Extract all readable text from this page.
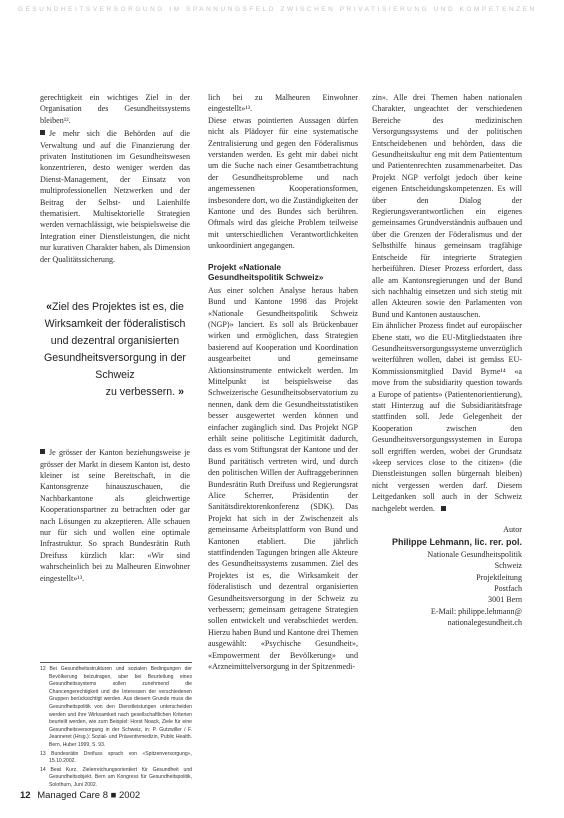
GESUNDHEITSVERSORGUNG IM SPANNUNGSFELD ZWISCHEN PRIVATISIERUNG UND KOMPETENZEN

gerechtigkeit ein wichtiges Ziel in der Organisation des Gesundheitssystems bleiben¹².

Je mehr sich die Behörden auf die Verwaltung und auf die Finanzierung der privaten Institutionen im Gesundheitswesen konzentrieren, desto weniger werden das Dienst-Management, der Einsatz von multiprofessionellen Netzwerken und der Beitrag der Selbst- und Laienhilfe thematisiert. Multisektorielle Strategien werden vernachlässigt, wie beispielsweise die Integration einer Dienstleistungen, die nicht nur kurativen Charakter haben, als Dimension der Qualitätssicherung.

«Ziel des Projektes ist es, die Wirksamkeit der föderalistisch und dezentral organisierten Gesundheitsversorgung in der Schweiz
zu verbessern. »

Je grösser der Kanton beziehungsweise je grösser der Markt in diesem Kanton ist, desto kleiner ist seine Bereitschaft, in die Kantonsgrenze hinauszuschauen, die Nachbarkantone als gleichwertige Kooperationspartner zu betrachten oder gar nach Lösungen zu akzeptieren. Alle schauen nur für sich und wollen eine optimale Infrastruktur. So sprach Bundesrätin Ruth Dreifuss kürzlich klar: «Wir sind wahrscheinlich bei zu Malheuren Einwohner eingestellt»¹³.

12 Bei Gesundheitsstrukturen und sozialen Bedingungen der Bevölkerung beizutragen, aber bei Beurteilung eines Gesundheitssystems sollen zunehmend die Chancengerechtigkeit und die Interessen der verschiedenen Gruppen berücksichtigt werden. Aus diesem Grunde muss die Gesundheitspolitik von den Dienstleistungen unterscheiden werden und ihre Wirksamkeit nach gesellschaftlichen Kriterien beurteilt werden, wie zum Beispiel: Horst Noack, Ziele für eine Gesundheitsversorgung in der Schweiz, in: P. Gutzwiller / F. Jeanneret (Hrsg.): Sozial- und Präventivmedizin, Public Health. Bern, Huber 1999, S. 93.

13 Bundesrätin Dreifuss sprach von «Spitzenversorgung», 15.10.2002.

14 Beat Kurz, Zielerreichungsorientiert für Gesundheit und Gesundheitsobjekt, Bern am Kongress für Gesundheitspolitik, Solothurn, Juni 2002.

lich bei zu Malheuren Einwohner eingestellt»¹³.

Diese etwas pointierten Aussagen dürfen nicht als Plädoyer für eine systematische Zentralisierung und gegen den Föderalismus verstanden werden. Es geht mir dabei nicht um die Suche nach einer Gesamtbetrachtung der Gesundheitsprobleme und nach angemessenen Kooperationsformen, insbesondere dort, wo die Zuständigkeiten der Kantone und des Bundes sich berühren. Oftmals wird das gleiche Problem teilweise mit unterschiedlichen Verantwortlichkeiten unkoordiniert angegangen.

Projekt «Nationale Gesundheitspolitik Schweiz»

Aus einer solchen Analyse heraus haben Bund und Kantone 1998 das Projekt «Nationale Gesundheitspolitik Schweiz (NGP)» lanciert. Es soll als Brückenbauer wirken und ermöglichen, dass Strategien basierend auf Kooperation und Koordination ausgearbeitet und gemeinsame Aktionsinstrumente entwickelt werden. Im Mittelpunkt ist beispielsweise das Schweizerische Gesundheitsobservatorium zu nennen, dank dem die Gesundheitsstatistiken besser ausgewertet werden können und einfacher zugänglich sind. Das Projekt NGP erhält seine politische Legitimität dadurch, dass es vom Stiftungsrat der Kantone und der Bund paritätisch vertreten wird, und durch den politischen Willen der Auftraggeberinnen Bundesrätin Ruth Dreifuss und Regierungsrat Alice Scherrer, Präsidentin der Sanitätsdirektorenkonferenz (SDK). Das Projekt hat sich in der Zwischenzeit als gemeinsame Arbeitsplattform von Bund und Kantonen etabliert. Die jährlich stattfindenden Tagungen bringen alle Akteure des Gesundheitssystems zusammen. Ziel des Projektes ist es, die Wirksamkeit der föderalistisch und dezentral organisierten Gesundheitsversorgung in der Schweiz zu verbessern; gemeinsam getragene Strategien sollen entwickelt und verabschiedet werden. Hierzu haben Bund und Kantone drei Themen ausgewählt: «Psychische Gesundheit», «Empowerment der Bevölkerung» und «Arzneimittelversorgung in der Spitzenmedi-

zin». Alle drei Themen haben nationalen Charakter, ungeachtet der verschiedenen Bereiche des medizinischen Versorgungssystems und der politischen Entscheidebenen und behörden, dass die Gesundheitskultur eng mit dem Patiententum und Patientenrechten zusammenarbeitet. Das Projekt NGP verfolgt jedoch über keine eigenen Entscheidungskompetenzen. Es will über den Dialog der Regierungsverantwortlichen ein eigenes gemeinsames Grundverständnis aufbauen und über die Grenzen der Föderalismus und der Selbsthilfe hinaus gemeinsam tragfähige Entscheide für integrierte Strategien herbeiführen. Dieser Prozess erfordert, dass alle am Kantonsregierungen und der Bund sich nachhaltig einsetzen und sich stetig mit allen Akteuren sowie den Parlamenten von Bund und Kantonen austauschen.

Ein ähnlicher Prozess findet auf europäischer Ebene statt, wo die EU-Mitgliedstaaten ihre Gesundheitsversorgungssysteme unverzüglich weiterführen wollen, dabei ist gemäss EU-Kommissionsmitglied David Byrne¹⁴ «a move from the subsidiarity question towards a Europe of patients» (Patientenorientierung), statt Hinterzug auf die Subsidiaritätsfrage stattfinden soll. Jede Gelegenheit der Kooperation zwischen den Gesundheitsversorgungssystemen in Europa soll ergriffen werden, wobei der Grundsatz «keep services close to the citizen» (die Dienstleistungen sollen bürgernah bleiben) nicht vergessen werden darf. Diesem Leitgedanken soll auch in der Schweiz nachgelebt werden.

Autor

Philippe Lehmann, lic. rer. pol.

Nationale Gesundheitspolitik

Schweiz

Projektleitung

Postfach

3001 Bern

E-Mail: philippe.lehmann@

nationalegesundheit.ch

12 Managed Care 8 ■ 2002
